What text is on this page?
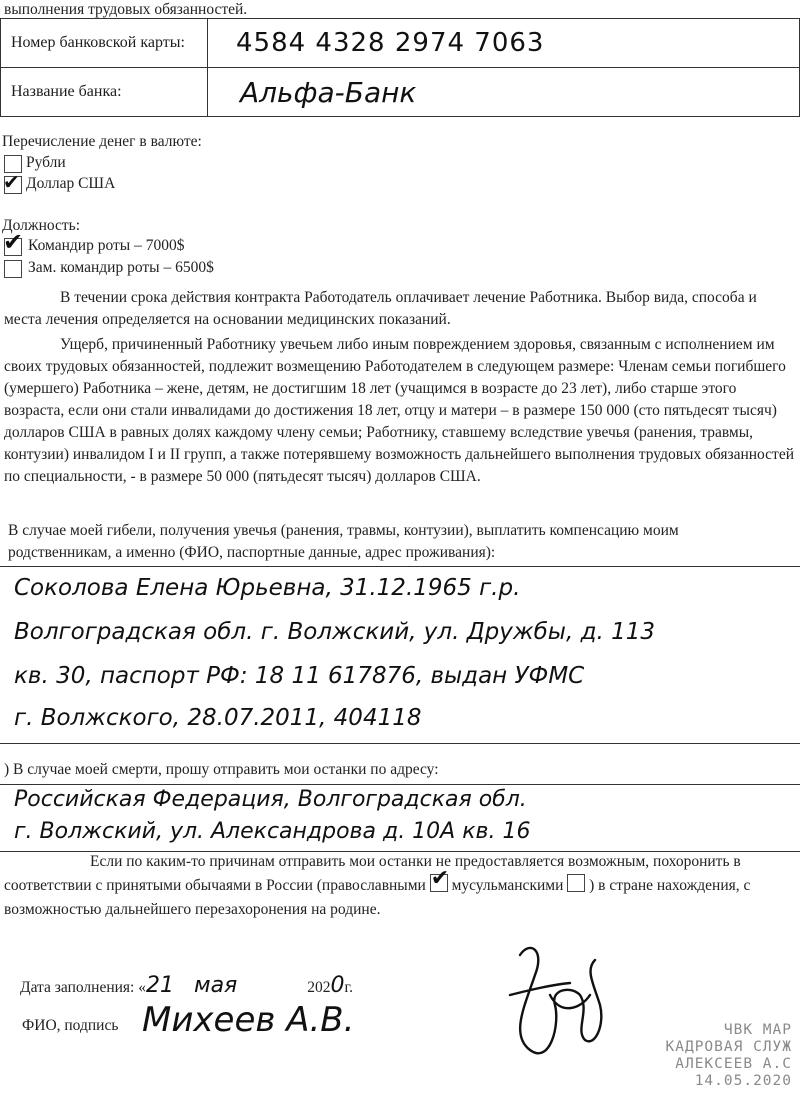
выполнения трудовых обязанностей.
Номер банковской карты:	4584 4328 2974 7063
Название банка:	Альфа-Банк
Перечисление денег в валюте:
Рубли
✔ Доллар США
Должность:
✔ Командир роты – 7000$
Зам. командир роты – 6500$
В течении срока действия контракта Работодатель оплачивает лечение Работника. Выбор вида, способа и места лечения определяется на основании медицинских показаний.
Ущерб, причиненный Работнику увечьем либо иным повреждением здоровья, связанным с исполнением им своих трудовых обязанностей, подлежит возмещению Работодателем в следующем размере: Членам семьи погибшего (умершего) Работника – жене, детям, не достигшим 18 лет (учащимся в возрасте до 23 лет), либо старше этого возраста, если они стали инвалидами до достижения 18 лет, отцу и матери – в размере 150 000 (сто пятьдесят тысяч) долларов США в равных долях каждому члену семьи; Работнику, ставшему вследствие увечья (ранения, травмы, контузии) инвалидом I и II групп, а также потерявшему возможность дальнейшего выполнения трудовых обязанностей по специальности, - в размере 50 000 (пятьдесят тысяч) долларов США.
В случае моей гибели, получения увечья (ранения, травмы, контузии), выплатить компенсацию моим родственникам, а именно (ФИО, паспортные данные, адрес проживания):
Соколова Елена Юрьевна, 31.12.1965 г.р.
Волгоградская обл. г. Волжский, ул. Дружбы, д. 113
кв. 30, паспорт РФ: 18 11 617876, выдан УФМС
г. Волжского, 28.07.2011, 404118
) В случае моей смерти, прошу отправить мои останки по адресу:
Российская Федерация, Волгоградская обл.
г. Волжский, ул. Александрова д. 10А кв. 16
Если по каким-то причинам отправить мои останки не предоставляется возможным, похоронить в соответствии с принятыми обычаями в России (православными ✔ мусульманскими ) в стране нахождения, с возможностью дальнейшего перезахоронения на родине.
Дата заполнения: «21 мая	2020г.
ФИО, подпись Михеев А.В.	ЧВК МАР
КАДРОВАЯ СЛУЖ
АЛЕКСЕЕВ А.С
14.05.2020
